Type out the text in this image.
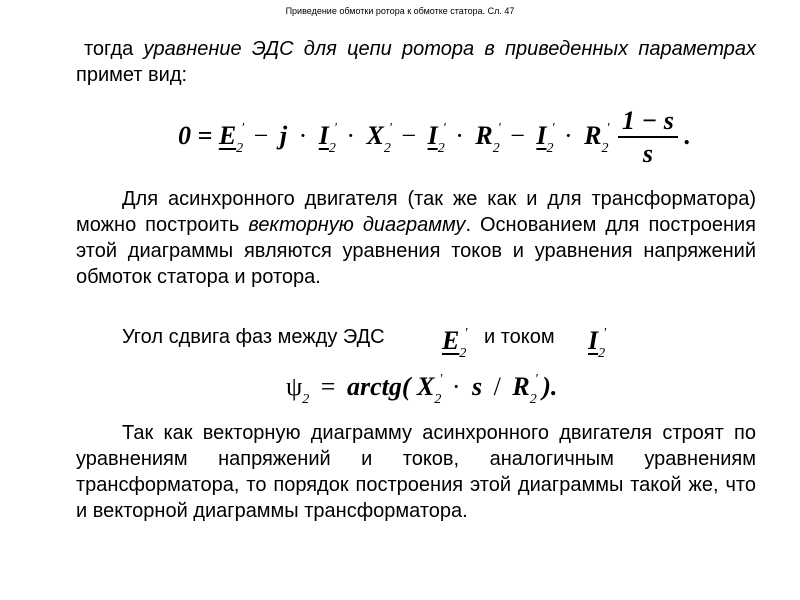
Приведение обмотки ротора к обмотке статора. Сл. 47
тогда уравнение ЭДС для цепи ротора в приведенных параметрах примет вид:
$0 = E_2' - j \cdot I_2' \cdot X_2' - I_2' \cdot R_2' - I_2' \cdot R_2' \frac{1 - s}{s}$ .
Для асинхронного двигателя (так же как и для трансформатора) можно построить векторную диаграмму. Основанием для построения этой диаграммы являются уравнения токов и уравнения напряжений обмоток статора и ротора.
Угол сдвига фаз между ЭДС $E_2'$ и током $I_2'$
$\psi_2$ = arctg( $X_2' \cdot s / R_2'$ ).
Так как векторную диаграмму асинхронного двигателя строят по уравнениям напряжений и токов, аналогичным уравнениям трансформатора, то порядок построения этой диаграммы такой же, что и векторной диаграммы трансформатора.
